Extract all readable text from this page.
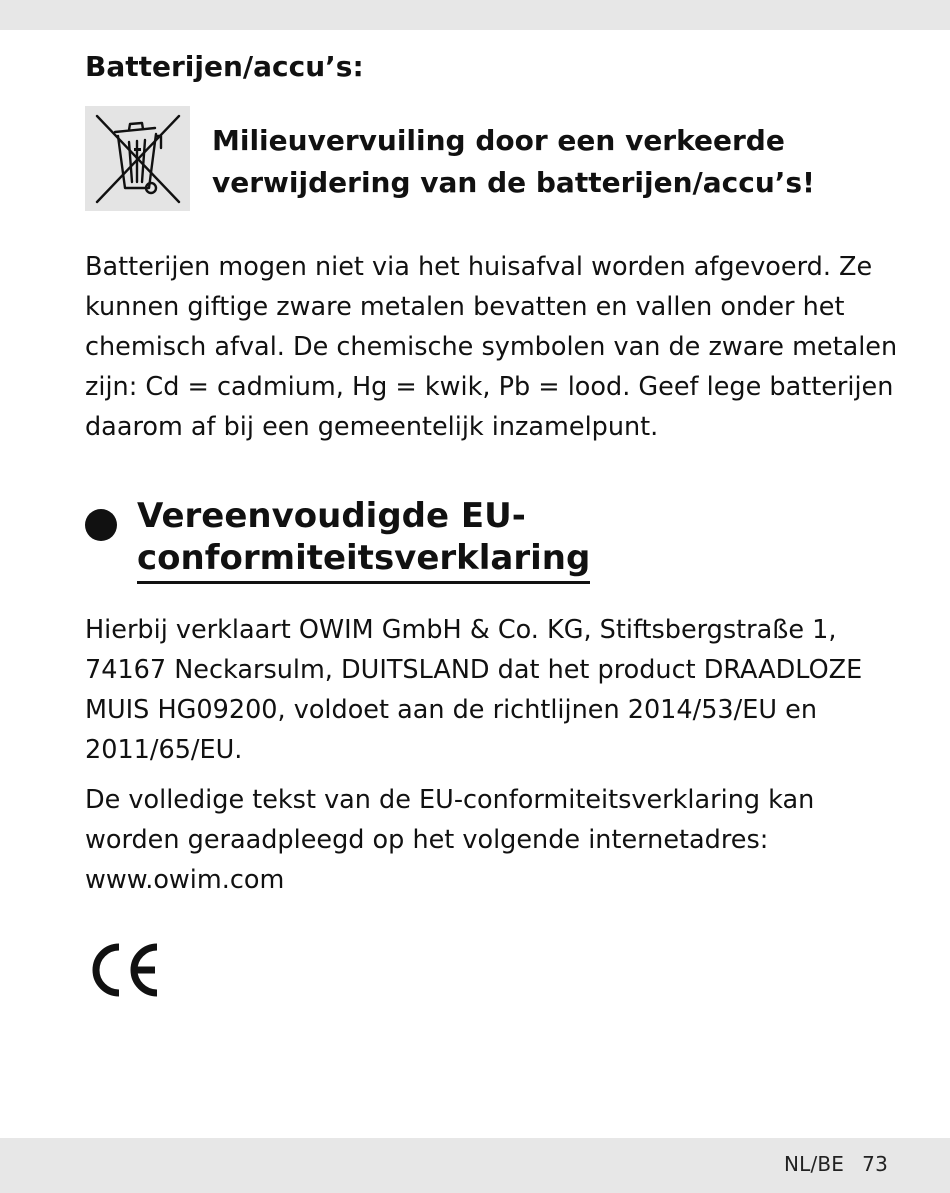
Batterijen/accu’s:

Milieuvervuiling door een verkeerde verwijdering van de batterijen/accu’s!

Batterijen mogen niet via het huisafval worden afgevoerd. Ze kunnen giftige zware metalen bevatten en vallen onder het chemisch afval. De chemische symbolen van de zware metalen zijn: Cd = cadmium, Hg = kwik, Pb = lood. Geef lege batterijen daarom af bij een gemeentelijk inzamelpunt.

Vereenvoudigde EU-
conformiteitsverklaring

Hierbij verklaart OWIM GmbH & Co. KG, Stiftsbergstraße 1, 74167 Neckarsulm, DUITSLAND dat het product DRAADLOZE MUIS HG09200, voldoet aan de richtlijnen 2014/53/EU en 2011/65/EU.

De volledige tekst van de EU-conformiteitsverklaring kan worden geraadpleegd op het volgende internetadres: www.owim.com

NL/BE 73
